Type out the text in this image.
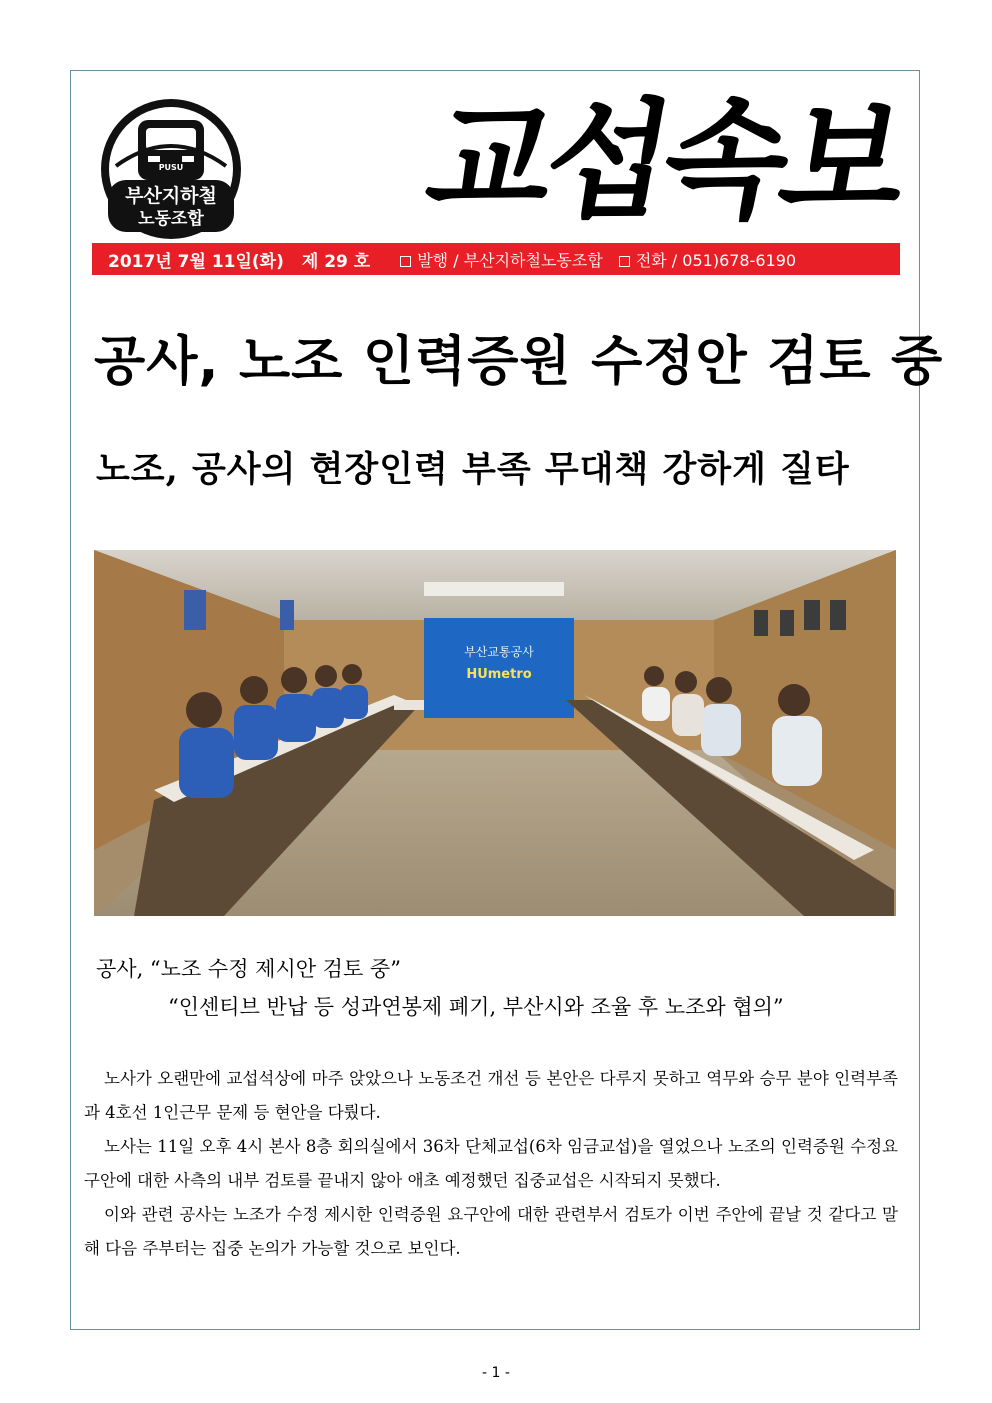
PUSU
부산지하철
노동조합 교섭속보
2017년 7월 11일(화) 제 29 호	발행 / 부산지하철노동조합	전화 / 051)678-6190
공사, 노조 인력증원 수정안 검토 중
노조, 공사의 현장인력 부족 무대책 강하게 질타
부산교통공사
HUmetro
공사, “노조 수정 제시안 검토 중”
“인센티브 반납 등 성과연봉제 폐기, 부산시와 조율 후 노조와 협의”

노사가 오랜만에 교섭석상에 마주 앉았으나 노동조건 개선 등 본안은 다루지 못하고 역무와 승무 분야 인력부족과 4호선 1인근무 문제 등 현안을 다뤘다.

노사는 11일 오후 4시 본사 8층 회의실에서 36차 단체교섭(6차 임금교섭)을 열었으나 노조의 인력증원 수정요구안에 대한 사측의 내부 검토를 끝내지 않아 애초 예정했던 집중교섭은 시작되지 못했다.

이와 관련 공사는 노조가 수정 제시한 인력증원 요구안에 대한 관련부서 검토가 이번 주안에 끝날 것 같다고 말해 다음 주부터는 집중 논의가 가능할 것으로 보인다.

- 1 -
